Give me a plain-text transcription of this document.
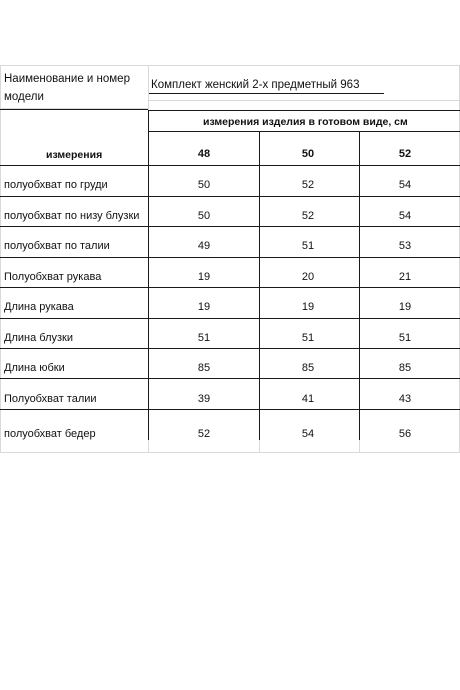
Наименование и номер модели
Комплект женский 2-х предметный 963
измерения изделия в готовом виде, см
измерения	48	50	52
полуобхват по груди	50	52	54
полуобхват по низу блузки	50	52	54
полуобхват по талии	49	51	53
Полуобхват рукава	19	20	21
Длина рукава	19	19	19
Длина блузки	51	51	51
Длина юбки	85	85	85
Полуобхват талии	39	41	43
полуобхват бедер	52	54	56
